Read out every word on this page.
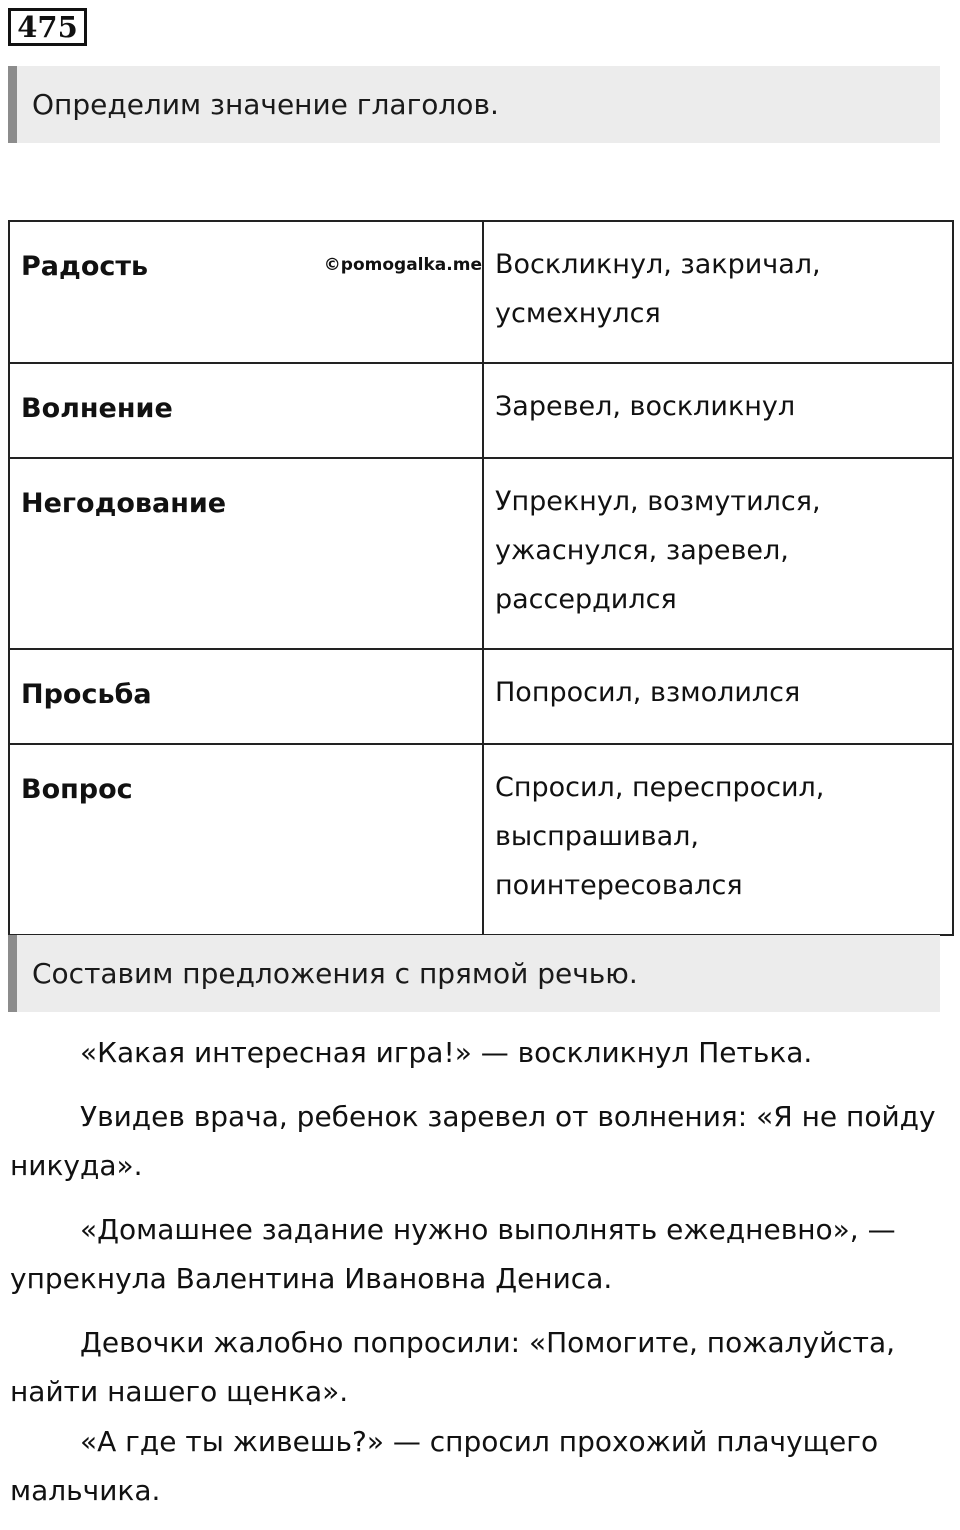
475
Определим значение глаголов.
Радость ©pomogalka.me	Воскликнул, закричал, усмехнулся
Волнение	Заревел, воскликнул
Негодование	Упрекнул, возмутился, ужаснулся, заревел, рассердился
Просьба	Попросил, взмолился
Вопрос	Спросил, переспросил, выспрашивал, поинтересовался
Составим предложения с прямой речью.

«Какая интересная игра!» — воскликнул Петька.

Увидев врача, ребенок заревел от волнения: «Я не пойду никуда».

«Домашнее задание нужно выполнять ежедневно», — упрекнула Валентина Ивановна Дениса.

Девочки жалобно попросили: «Помогите, пожалуйста, найти нашего щенка».

«А где ты живешь?» — спросил прохожий плачущего мальчика.
